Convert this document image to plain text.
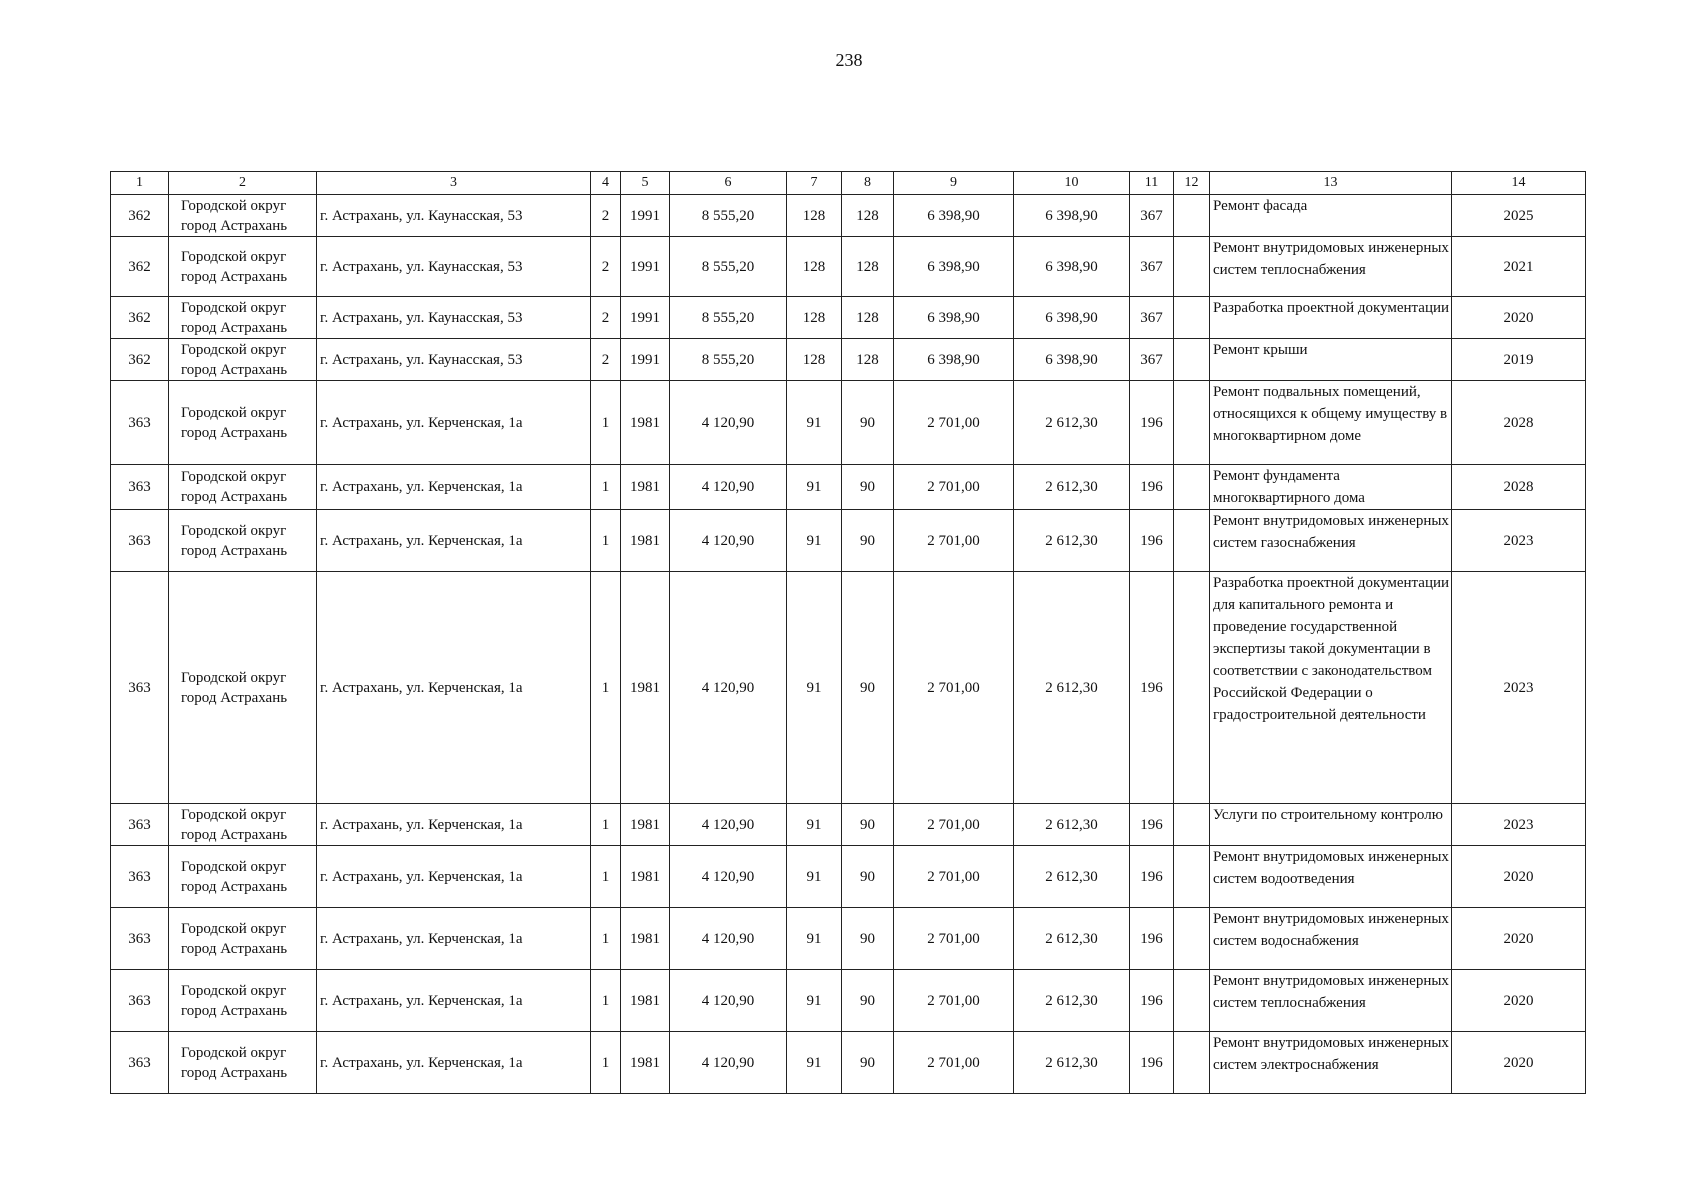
238
1	2	3	4	5	6	7	8	9	10	11	12	13	14
362	Городской округ город Астрахань	г. Астрахань, ул. Каунасская, 53	2	1991	8 555,20	128	128	6 398,90	6 398,90	367		Ремонт фасада	2025
362	Городской округ город Астрахань	г. Астрахань, ул. Каунасская, 53	2	1991	8 555,20	128	128	6 398,90	6 398,90	367		Ремонт внутридомовых инженерных систем теплоснабжения	2021
362	Городской округ город Астрахань	г. Астрахань, ул. Каунасская, 53	2	1991	8 555,20	128	128	6 398,90	6 398,90	367		Разработка проектной документации	2020
362	Городской округ город Астрахань	г. Астрахань, ул. Каунасская, 53	2	1991	8 555,20	128	128	6 398,90	6 398,90	367		Ремонт крыши	2019
363	Городской округ город Астрахань	г. Астрахань, ул. Керченская, 1а	1	1981	4 120,90	91	90	2 701,00	2 612,30	196		Ремонт подвальных помещений, относящихся к общему имуществу в многоквартирном доме	2028
363	Городской округ город Астрахань	г. Астрахань, ул. Керченская, 1а	1	1981	4 120,90	91	90	2 701,00	2 612,30	196		Ремонт фундамента многоквартирного дома	2028
363	Городской округ город Астрахань	г. Астрахань, ул. Керченская, 1а	1	1981	4 120,90	91	90	2 701,00	2 612,30	196		Ремонт внутридомовых инженерных систем газоснабжения	2023
363	Городской округ город Астрахань	г. Астрахань, ул. Керченская, 1а	1	1981	4 120,90	91	90	2 701,00	2 612,30	196		Разработка проектной документации для капитального ремонта и проведение государственной экспертизы такой документации в соответствии с законодательством Российской Федерации о градостроительной деятельности	2023
363	Городской округ город Астрахань	г. Астрахань, ул. Керченская, 1а	1	1981	4 120,90	91	90	2 701,00	2 612,30	196		Услуги по строительному контролю	2023
363	Городской округ город Астрахань	г. Астрахань, ул. Керченская, 1а	1	1981	4 120,90	91	90	2 701,00	2 612,30	196		Ремонт внутридомовых инженерных систем водоотведения	2020
363	Городской округ город Астрахань	г. Астрахань, ул. Керченская, 1а	1	1981	4 120,90	91	90	2 701,00	2 612,30	196		Ремонт внутридомовых инженерных систем водоснабжения	2020
363	Городской округ город Астрахань	г. Астрахань, ул. Керченская, 1а	1	1981	4 120,90	91	90	2 701,00	2 612,30	196		Ремонт внутридомовых инженерных систем теплоснабжения	2020
363	Городской округ город Астрахань	г. Астрахань, ул. Керченская, 1а	1	1981	4 120,90	91	90	2 701,00	2 612,30	196		Ремонт внутридомовых инженерных систем электроснабжения	2020
